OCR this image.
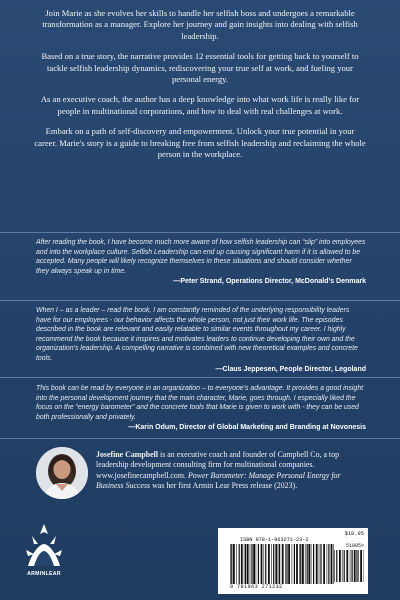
Join Marie as she evolves her skills to handle her selfish boss and undergoes a remarkable transformation as a manager. Explore her journey and gain insights into dealing with selfish leadership.

Based on a true story, the narrative provides 12 essential tools for getting back to yourself to tackle selfish leadership dynamics, rediscovering your true self at work, and fueling your personal energy.

As an executive coach, the author has a deep knowledge into what work life is really like for people in multinational corporations, and how to deal with real challenges at work.

Embark on a path of self-discovery and empowerment. Unlock your true potential in your career. Marie's story is a guide to breaking free from selfish leadership and reclaiming the whole person in the workplace.

After reading the book, I have become much more aware of how selfish leadership can “slip” into employees and into the workplace culture. Selfish Leadership can end up causing significant harm if it is allowed to be accepted. Many people will likely recognize themselves in these situations and should consider whether they always speak up in time.

—Peter Strand, Operations Director, McDonald’s Denmark

When I – as a leader – read the book, I am constantly reminded of the underlying responsibility leaders have for our employees - our behavior affects the whole person, not just their work life. The episodes described in the book are relevant and easily relatable to similar events throughout my career. I highly recommend the book because it inspires and motivates leaders to continue developing their own and the organization’s leadership. A compelling narrative is combined with new theoretical examples and concrete tools.

—Claus Jeppesen, People Director, Legoland

This book can be read by everyone in an organization – to everyone’s advantage. It provides a good insight into the personal development journey that the main character, Marie, goes through. I especially liked the focus on the “energy barometer” and the concrete tools that Marie is given to work with - they can be used both professionally and privately.

—Karin Odum, Director of Global Marketing and Branding at Novonesis
Josefine Campbell is an executive coach and founder of Campbell Co, a top leadership development consulting firm for multinational companies. www.josefinecampbell.com. Power Barometer: Manage Personal Energy for Business Success was her first Armin Lear Press release (2023).
ARMINLEAR
$18.95
ISBN 978-1-963271-23-2
51895>
9 781963 271232
